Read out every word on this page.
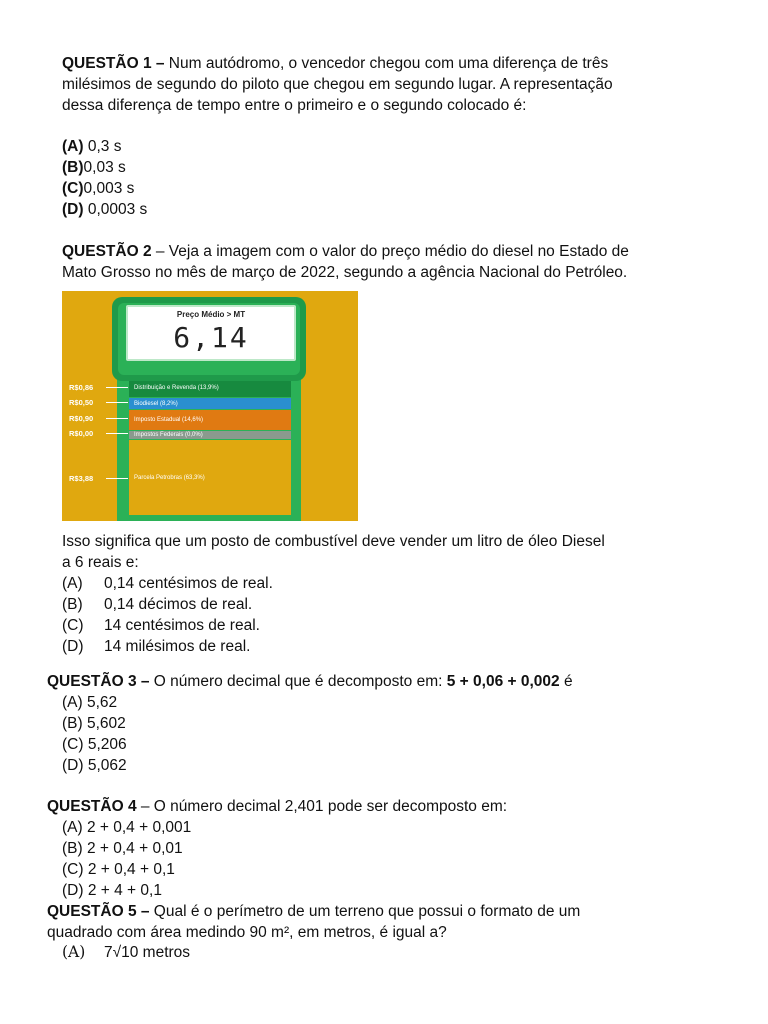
QUESTÃO 1 – Num autódromo, o vencedor chegou com uma diferença de três
milésimos de segundo do piloto que chegou em segundo lugar. A representação
dessa diferença de tempo entre o primeiro e o segundo colocado é:
(A) 0,3 s
(B)0,03 s
(C)0,003 s
(D) 0,0003 s
QUESTÃO 2 – Veja a imagem com o valor do preço médio do diesel no Estado de
Mato Grosso no mês de março de 2022, segundo a agência Nacional do Petróleo.
Distribuição e Revenda (13,9%)
Biodiesel (8,2%)
Imposto Estadual (14,6%)
Impostos Federais (0,0%)
Parcela Petrobras (63,3%)
Preço Médio > MT
6,14
R$0,86
R$0,50
R$0,90
R$0,00
R$3,88
Isso significa que um posto de combustível deve vender um litro de óleo Diesel
a 6 reais e:
(A) 0,14 centésimos de real.
(B) 0,14 décimos de real.
(C) 14 centésimos de real.
(D) 14 milésimos de real.
QUESTÃO 3 – O número decimal que é decomposto em: 5 + 0,06 + 0,002 é
(A) 5,62
(B) 5,602
(C) 5,206
(D) 5,062
QUESTÃO 4 – O número decimal 2,401 pode ser decomposto em:
(A) 2 + 0,4 + 0,001
(B) 2 + 0,4 + 0,01
(C) 2 + 0,4 + 0,1
(D) 2 + 4 + 0,1
QUESTÃO 5 – Qual é o perímetro de um terreno que possui o formato de um
quadrado com área medindo 90 m², em metros, é igual a?
(A) 7√10 metros
